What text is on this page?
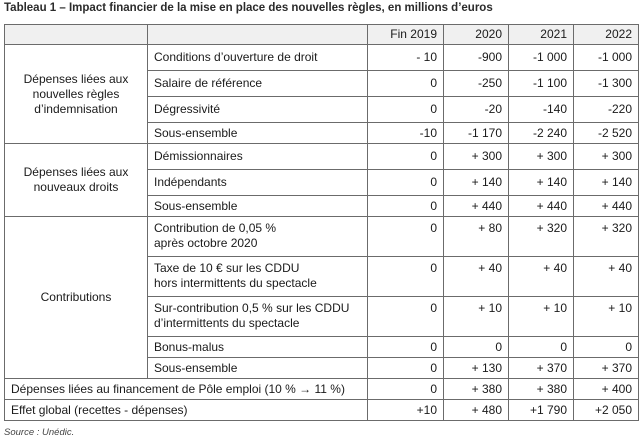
Tableau 1 – Impact financier de la mise en place des nouvelles règles, en millions d’euros
		Fin 2019	2020	2021	2022
Dépenses liées aux nouvelles règles d’indemnisation	Conditions d’ouverture de droit	- 10	-900	-1 000	-1 000
	Salaire de référence	0	-250	-1 100	-1 300
	Dégressivité	0	-20	-140	-220
	Sous-ensemble	-10	-1 170	-2 240	-2 520
Dépenses liées aux nouveaux droits	Démissionnaires	0	+ 300	+ 300	+ 300
	Indépendants	0	+ 140	+ 140	+ 140
	Sous-ensemble	0	+ 440	+ 440	+ 440
Contributions	Contribution de 0,05 %
après octobre 2020	0	+ 80	+ 320	+ 320
	Taxe de 10 € sur les CDDU
hors intermittents du spectacle	0	+ 40	+ 40	+ 40
	Sur-contribution 0,5 % sur les CDDU
d’intermittents du spectacle	0	+ 10	+ 10	+ 10
	Bonus-malus	0	0	0	0
	Sous-ensemble	0	+ 130	+ 370	+ 370
Dépenses liées au financement de Pôle emploi (10 % → 11 %)		0	+ 380	+ 380	+ 400
Effet global (recettes - dépenses)		+10	+ 480	+1 790	+2 050
Source : Unédic.
